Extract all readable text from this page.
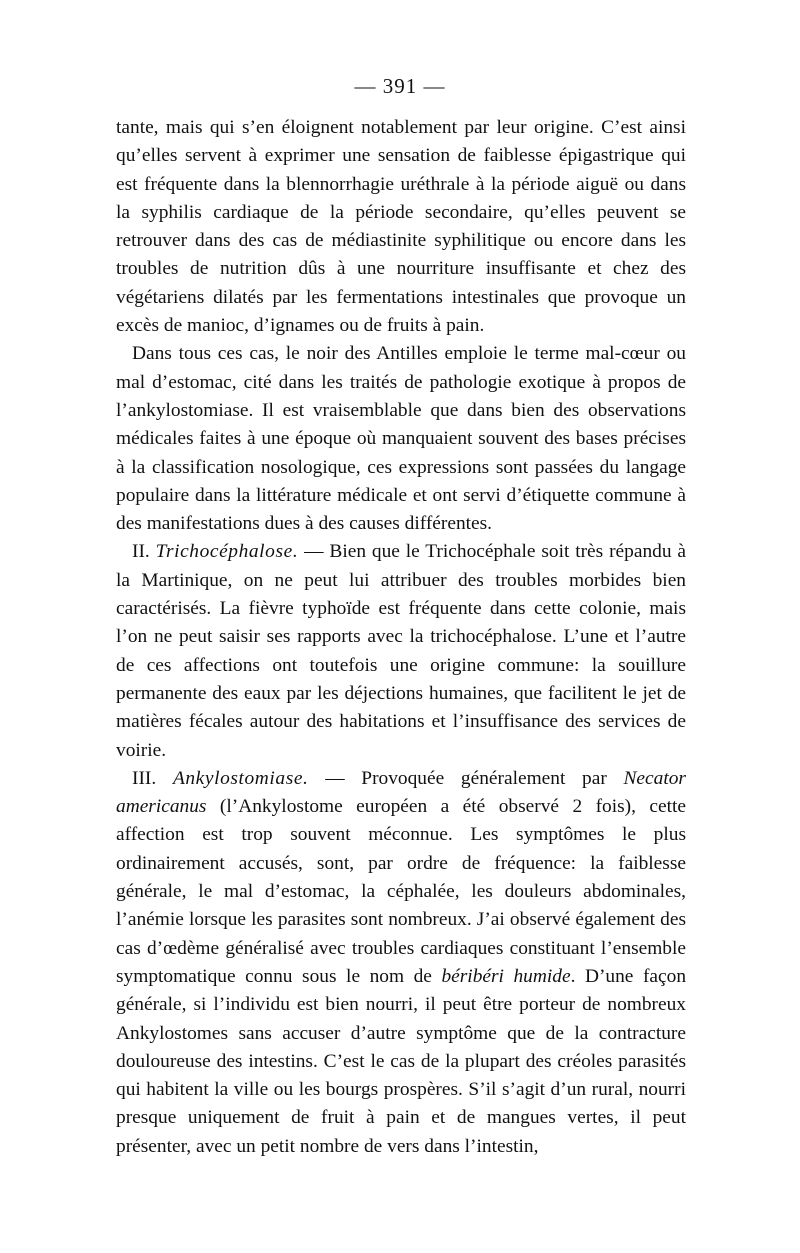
— 391 —

tante, mais qui s’en éloignent notablement par leur origine. C’est ainsi qu’elles servent à exprimer une sensation de faiblesse épigastrique qui est fréquente dans la blennorrhagie uréthrale à la période aiguë ou dans la syphilis cardiaque de la période secondaire, qu’elles peuvent se retrouver dans des cas de médiastinite syphilitique ou encore dans les troubles de nutrition dûs à une nourriture insuffisante et chez des végétariens dilatés par les fermentations intestinales que provoque un excès de manioc, d’ignames ou de fruits à pain.

Dans tous ces cas, le noir des Antilles emploie le terme mal-cœur ou mal d’estomac, cité dans les traités de pathologie exotique à propos de l’ankylostomiase. Il est vraisemblable que dans bien des observations médicales faites à une époque où manquaient souvent des bases précises à la classification nosologique, ces expressions sont passées du langage populaire dans la littérature médicale et ont servi d’étiquette commune à des manifestations dues à des causes différentes.

II. Trichocéphalose. — Bien que le Trichocéphale soit très répandu à la Martinique, on ne peut lui attribuer des troubles morbides bien caractérisés. La fièvre typhoïde est fréquente dans cette colonie, mais l’on ne peut saisir ses rapports avec la trichocéphalose. L’une et l’autre de ces affections ont toutefois une origine commune: la souillure permanente des eaux par les déjections humaines, que facilitent le jet de matières fécales autour des habitations et l’insuffisance des services de voirie.

III. Ankylostomiase. — Provoquée généralement par Necator americanus (l’Ankylostome européen a été observé 2 fois), cette affection est trop souvent méconnue. Les symptômes le plus ordinairement accusés, sont, par ordre de fréquence: la faiblesse générale, le mal d’estomac, la céphalée, les douleurs abdominales, l’anémie lorsque les parasites sont nombreux. J’ai observé également des cas d’œdème généralisé avec troubles cardiaques constituant l’ensemble symptomatique connu sous le nom de béribéri humide. D’une façon générale, si l’individu est bien nourri, il peut être porteur de nombreux Ankylostomes sans accuser d’autre symptôme que de la contracture douloureuse des intestins. C’est le cas de la plupart des créoles parasités qui habitent la ville ou les bourgs prospères. S’il s’agit d’un rural, nourri presque uniquement de fruit à pain et de mangues vertes, il peut présenter, avec un petit nombre de vers dans l’intestin,
